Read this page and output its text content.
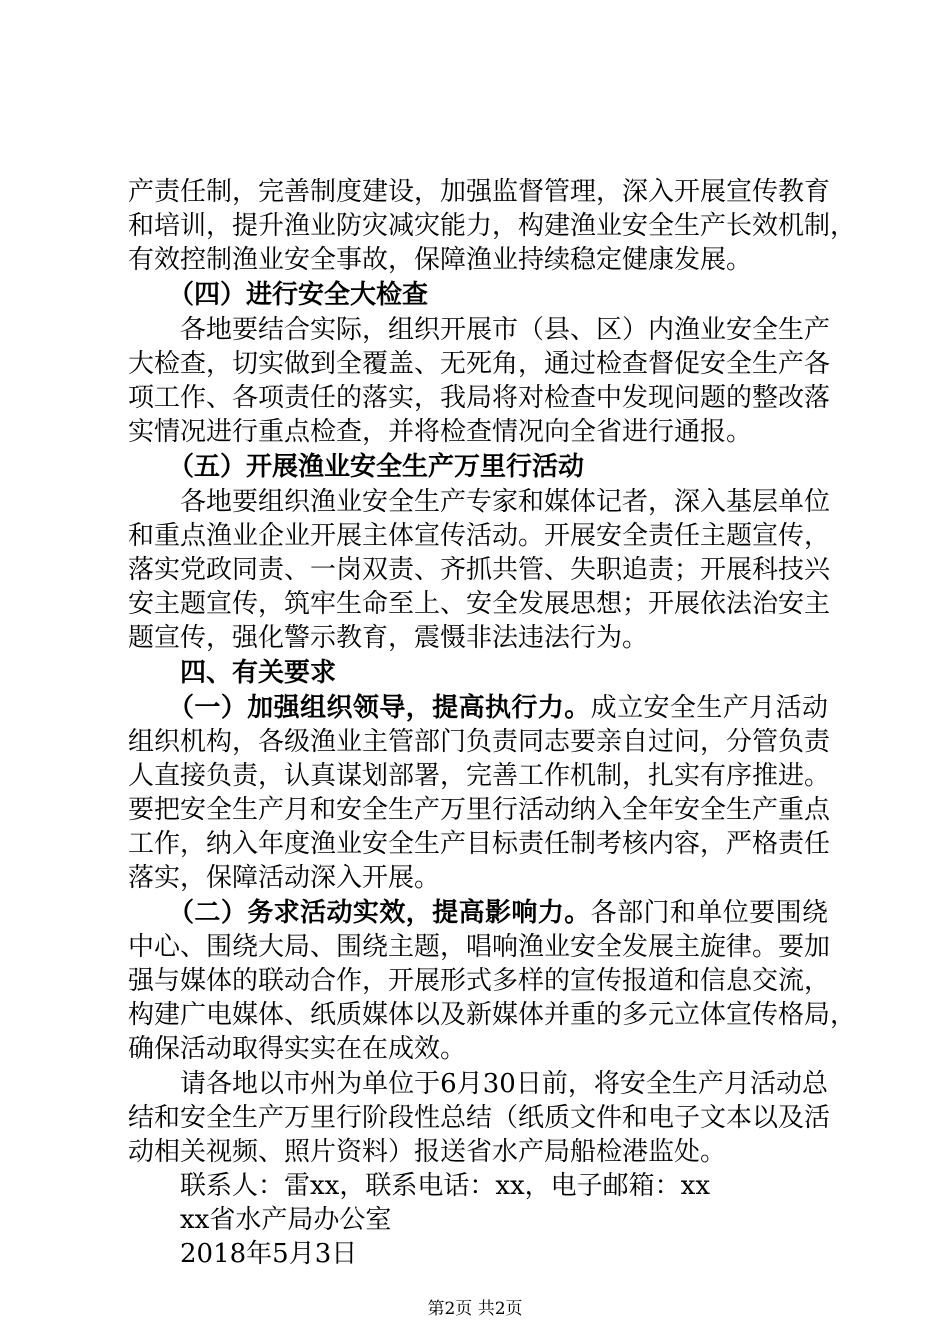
产责任制，完善制度建设，加强监督管理，深入开展宣传教育
和培训，提升渔业防灾减灾能力，构建渔业安全生产长效机制，
有效控制渔业安全事故，保障渔业持续稳定健康发展。
（四）进行安全大检查
各地要结合实际，组织开展市（县、区）内渔业安全生产
大检查，切实做到全覆盖、无死角，通过检查督促安全生产各
项工作、各项责任的落实，我局将对检查中发现问题的整改落
实情况进行重点检查，并将检查情况向全省进行通报。
（五）开展渔业安全生产万里行活动
各地要组织渔业安全生产专家和媒体记者，深入基层单位
和重点渔业企业开展主体宣传活动。开展安全责任主题宣传，
落实党政同责、一岗双责、齐抓共管、失职追责；开展科技兴
安主题宣传，筑牢生命至上、安全发展思想；开展依法治安主
题宣传，强化警示教育，震慑非法违法行为。
四、有关要求
（一）加强组织领导，提高执行力。成立安全生产月活动
组织机构，各级渔业主管部门负责同志要亲自过问，分管负责
人直接负责，认真谋划部署，完善工作机制，扎实有序推进。
要把安全生产月和安全生产万里行活动纳入全年安全生产重点
工作，纳入年度渔业安全生产目标责任制考核内容，严格责任
落实，保障活动深入开展。
（二）务求活动实效，提高影响力。各部门和单位要围绕
中心、围绕大局、围绕主题，唱响渔业安全发展主旋律。要加
强与媒体的联动合作，开展形式多样的宣传报道和信息交流，
构建广电媒体、纸质媒体以及新媒体并重的多元立体宣传格局，
确保活动取得实实在在成效。
请各地以市州为单位于6月30日前，将安全生产月活动总
结和安全生产万里行阶段性总结（纸质文件和电子文本以及活
动相关视频、照片资料）报送省水产局船检港监处。
联系人：雷xx，联系电话：xx，电子邮箱：xx
xx省水产局办公室
2018年5月3日
第2页 共2页
